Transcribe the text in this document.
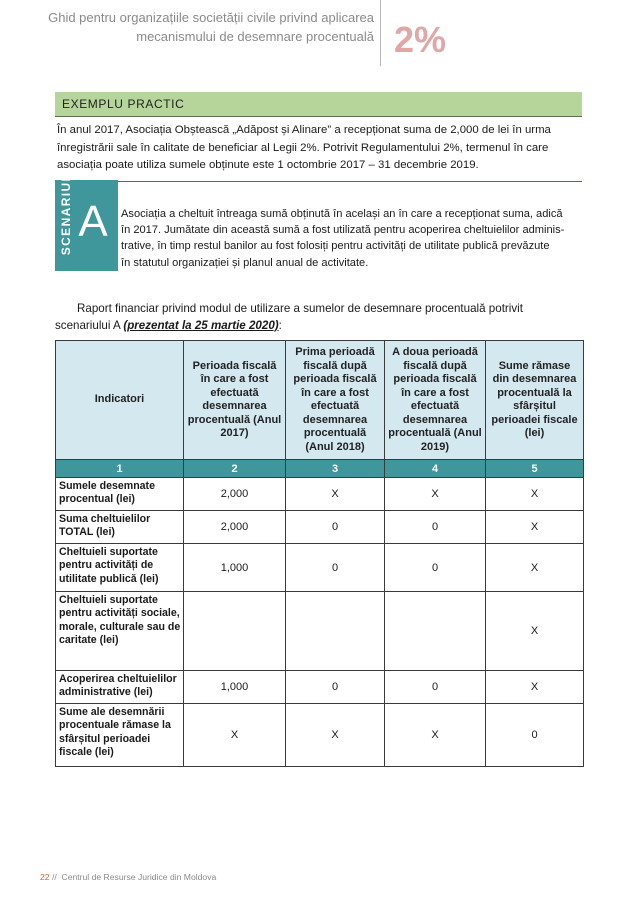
Ghid pentru organizațiile societății civile privind aplicarea
mecanismului de desemnare procentuală 2%
EXEMPLU PRACTIC
În anul 2017, Asociația Obștească „Adăpost și Alinare” a recepționat suma de 2,000 de lei în urma
înregistrării sale în calitate de beneficiar al Legii 2%. Potrivit Regulamentului 2%, termenul în care
asociația poate utiliza sumele obținute este 1 octombrie 2017 – 31 decembrie 2019.
SCENARIUL A Asociația a cheltuit întreaga sumă obținută în același an în care a recepționat suma, adică
în 2017. Jumătate din această sumă a fost utilizată pentru acoperirea cheltuielilor adminis-
trative, în timp restul banilor au fost folosiți pentru activități de utilitate publică prevăzute
în statutul organizației și planul anual de activitate.
Raport financiar privind modul de utilizare a sumelor de desemnare procentuală potrivit
scenariului A (prezentat la 25 martie 2020):
Indicatori	Perioada fiscală în care a fost efectuată desemnarea procentuală (Anul 2017)	Prima perioadă fiscală după perioada fiscală în care a fost efectuată desemnarea procentuală (Anul 2018)	A doua perioadă fiscală după perioada fiscală în care a fost efectuată desemnarea procentuală (Anul 2019)	Sume rămase din desemnarea procentuală la sfârșitul perioadei fiscale (lei)
1	2	3	4	5
Sumele desemnate procentual (lei)	2,000	X	X	X
Suma cheltuielilor TOTAL (lei)	2,000	0	0	X
Cheltuieli suportate pentru activități de utilitate publică (lei)	1,000	0	0	X
Cheltuieli suportate pentru activități sociale, morale, culturale sau de caritate (lei)				X
Acoperirea cheltuielilor administrative (lei)	1,000	0	0	X
Sume ale desemnării procentuale rămase la sfârșitul perioadei fiscale (lei)	X	X	X	0
22 // Centrul de Resurse Juridice din Moldova
